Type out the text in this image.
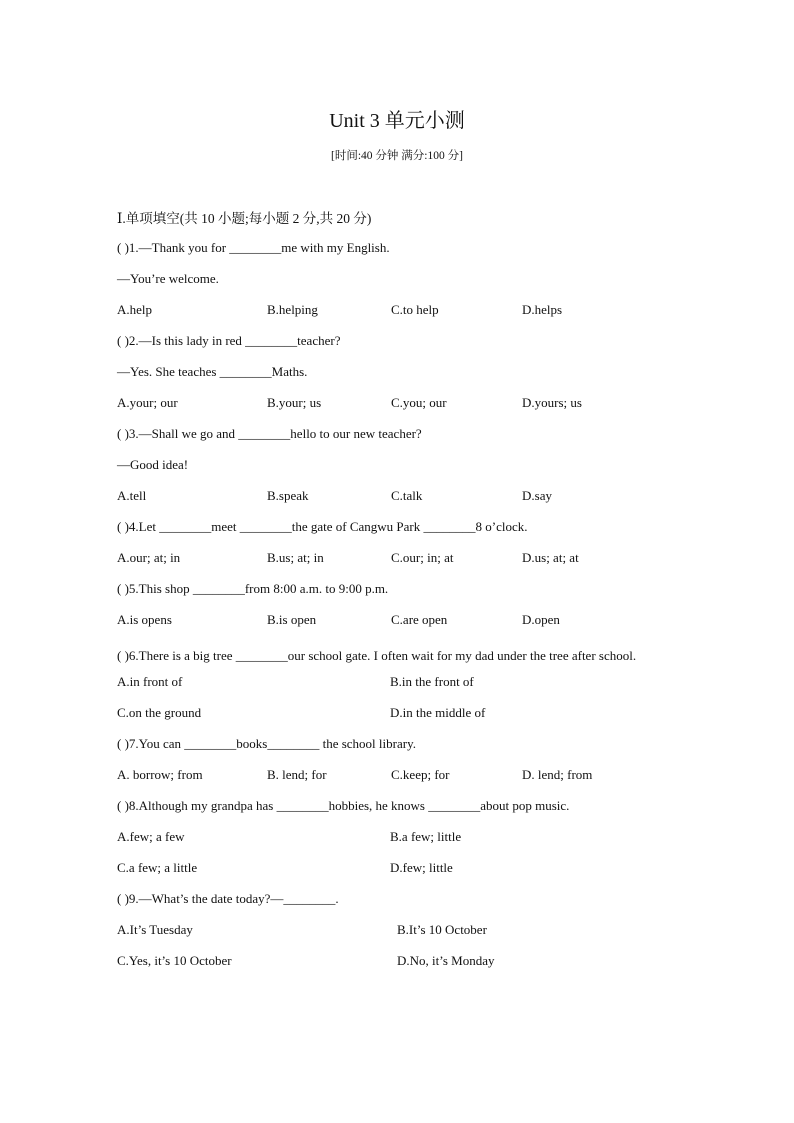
Unit 3 单元小测
[时间:40 分钟 满分:100 分]
Ⅰ.单项填空(共 10 小题;每小题 2 分,共 20 分)
( )1.—Thank you for ________me with my English.
—You’re welcome.
A.help	B.helping	C.to help	D.helps
( )2.—Is this lady in red ________teacher?
—Yes. She teaches ________Maths.
A.your; our	B.your; us	C.you; our	D.yours; us
( )3.—Shall we go and ________hello to our new teacher?
—Good idea!
A.tell	B.speak	C.talk	D.say
( )4.Let ________meet ________the gate of Cangwu Park ________8 o’clock.
A.our; at; in	B.us; at; in	C.our; in; at	D.us; at; at
( )5.This shop ________from 8:00 a.m. to 9:00 p.m.
A.is opens	B.is open	C.are open	D.open
( )6.There is a big tree ________our school gate. I often wait for my dad under the tree after school.
A.in front of	B.in the front of
C.on the ground	D.in the middle of
( )7.You can ________books________ the school library.
A. borrow; from	B. lend; for	C.keep; for	D. lend; from
( )8.Although my grandpa has ________hobbies, he knows ________about pop music.
A.few; a few	B.a few; little
C.a few; a little	D.few; little
( )9.—What’s the date today?—________.
A.It’s Tuesday	B.It’s 10 October
C.Yes, it’s 10 October	D.No, it’s Monday
